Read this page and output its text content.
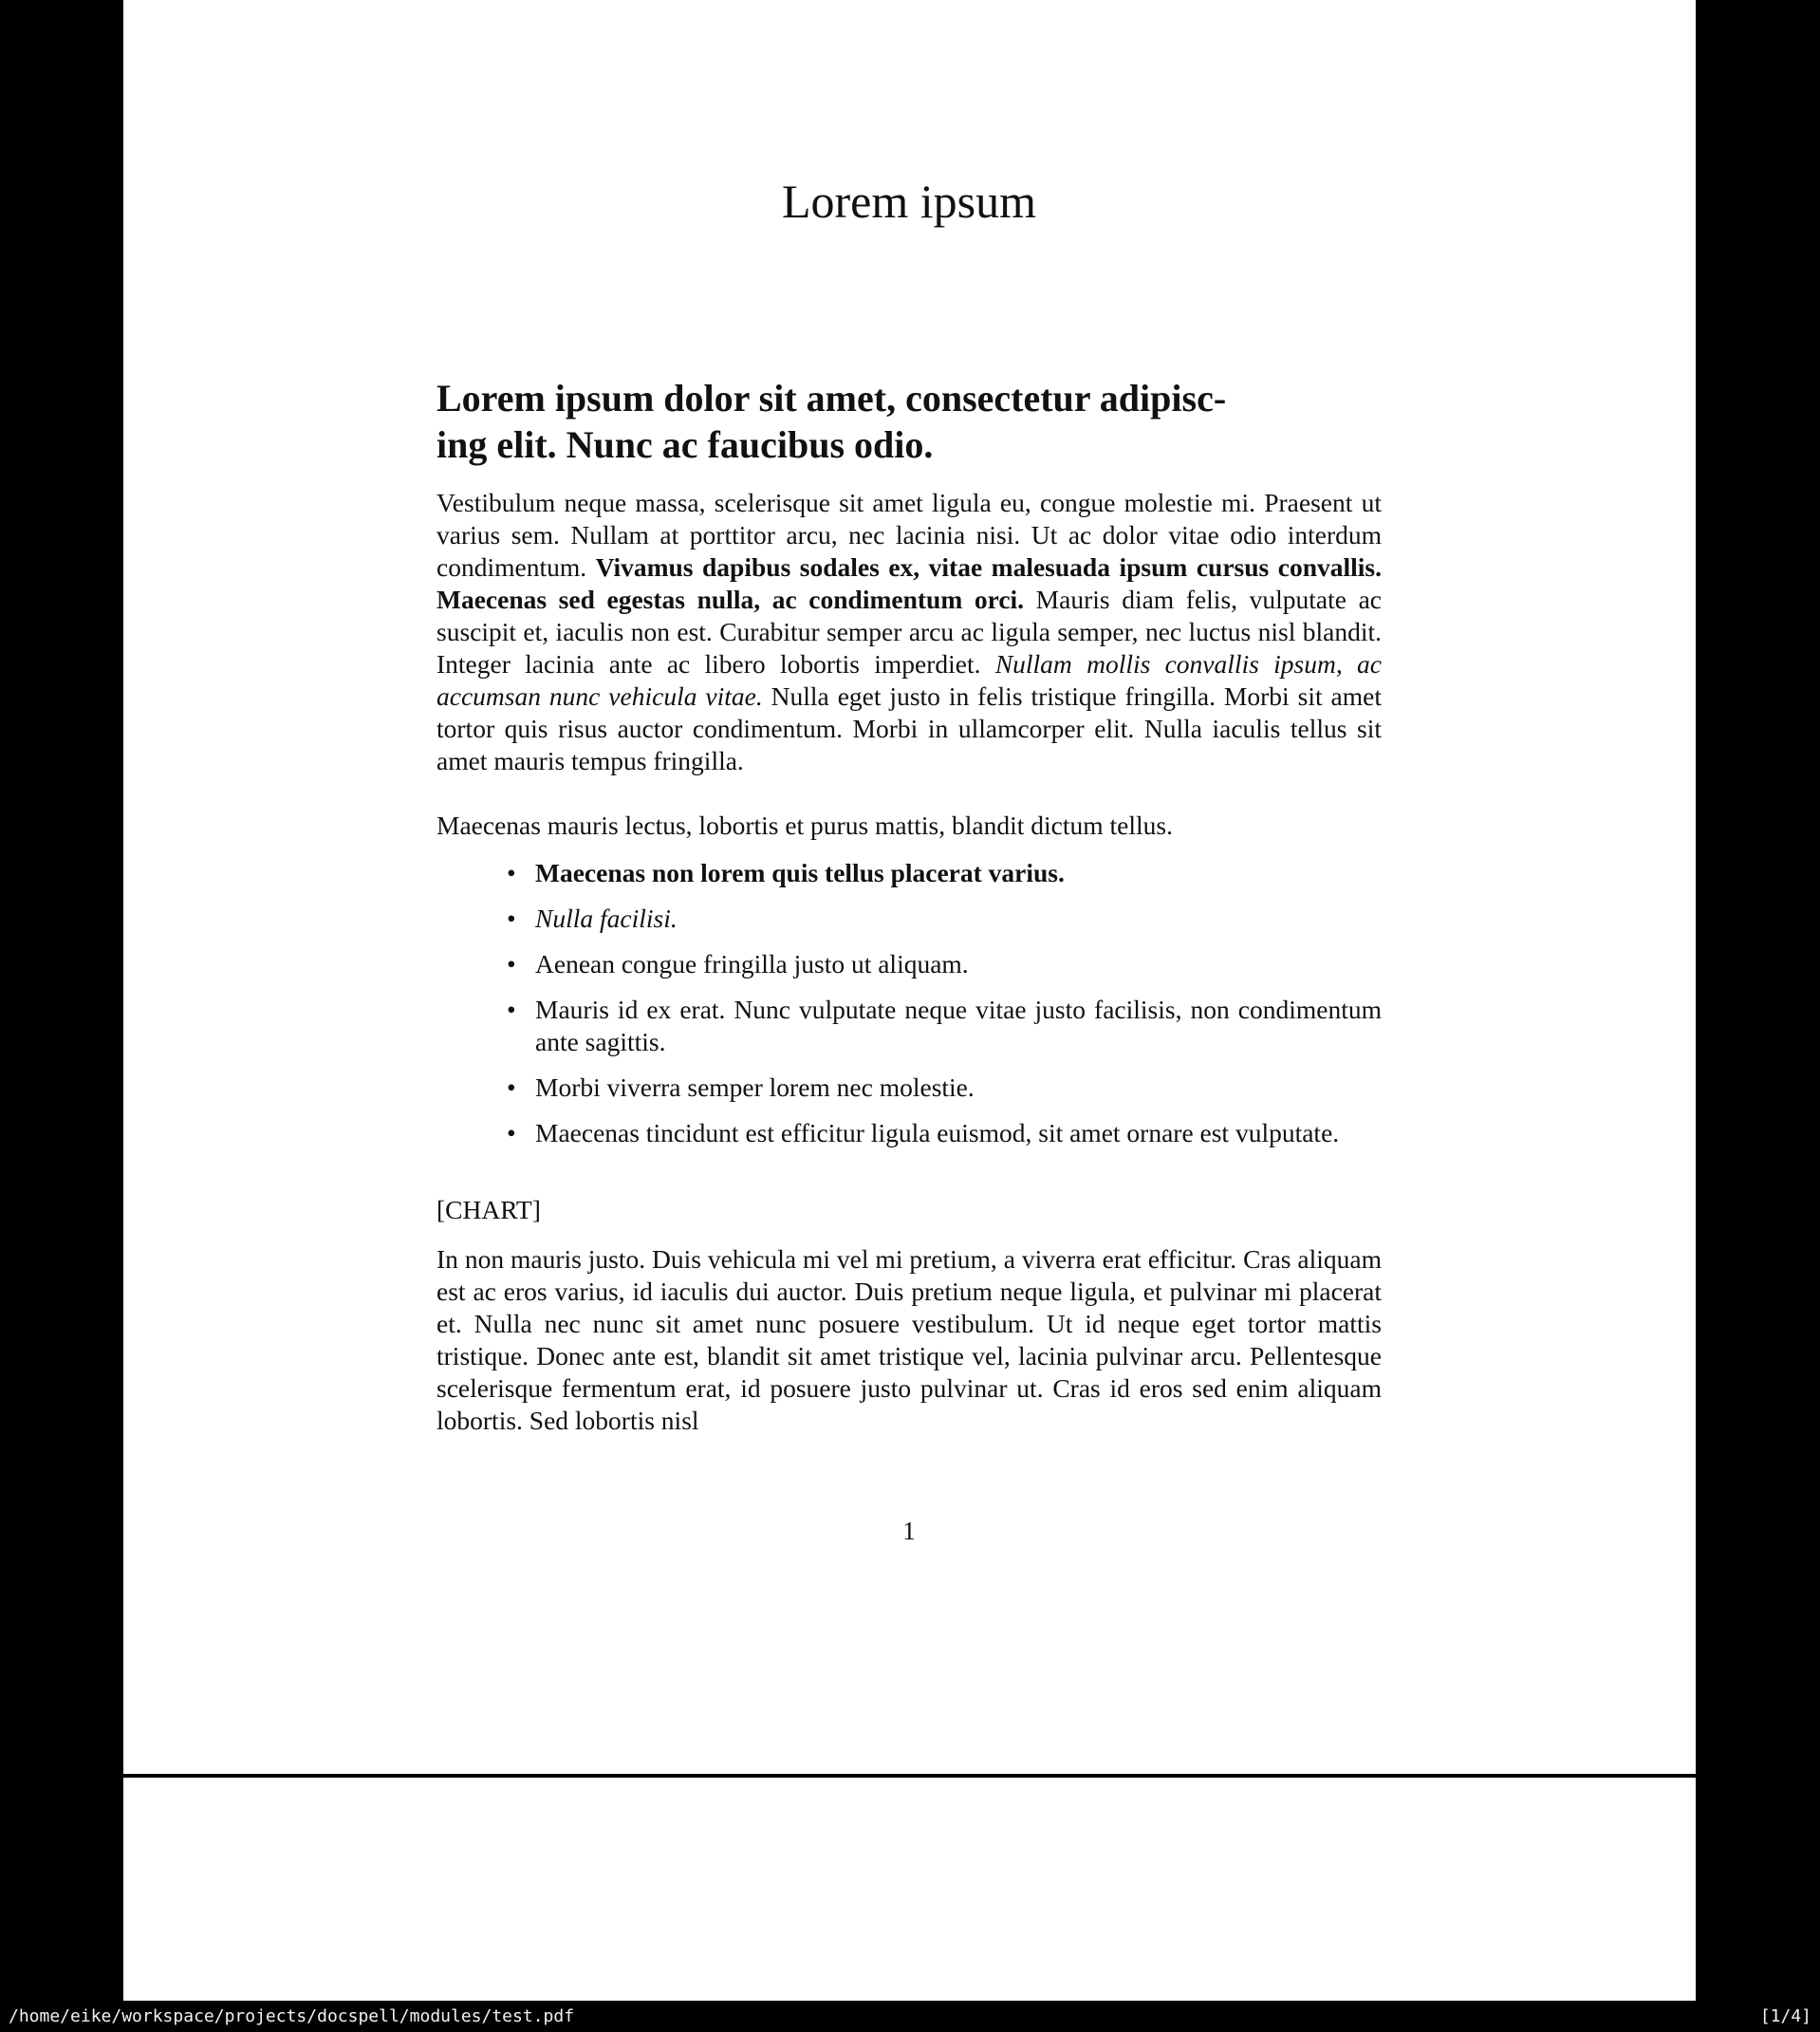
Lorem ipsum
Lorem ipsum dolor sit amet, consectetur adipisc-
ing elit. Nunc ac faucibus odio.
Vestibulum neque massa, scelerisque sit amet ligula eu, congue molestie mi. Praesent ut varius sem. Nullam at porttitor arcu, nec lacinia nisi. Ut ac dolor vitae odio interdum condimentum. Vivamus dapibus sodales ex, vitae malesuada ipsum cursus convallis. Maecenas sed egestas nulla, ac condimentum orci. Mauris diam felis, vulputate ac suscipit et, iaculis non est. Curabitur semper arcu ac ligula semper, nec luctus nisl blandit. Integer lacinia ante ac libero lobortis imperdiet. Nullam mollis convallis ipsum, ac accumsan nunc vehicula vitae. Nulla eget justo in felis tristique fringilla. Morbi sit amet tortor quis risus auctor condimentum. Morbi in ullamcorper elit. Nulla iaculis tellus sit amet mauris tempus fringilla.
Maecenas mauris lectus, lobortis et purus mattis, blandit dictum tellus.
• Maecenas non lorem quis tellus placerat varius.
• Nulla facilisi.
• Aenean congue fringilla justo ut aliquam.
• Mauris id ex erat. Nunc vulputate neque vitae justo facilisis, non condimentum ante sagittis.
• Morbi viverra semper lorem nec molestie.
• Maecenas tincidunt est efficitur ligula euismod, sit amet ornare est vulputate.
[CHART]
In non mauris justo. Duis vehicula mi vel mi pretium, a viverra erat efficitur. Cras aliquam est ac eros varius, id iaculis dui auctor. Duis pretium neque ligula, et pulvinar mi placerat et. Nulla nec nunc sit amet nunc posuere vestibulum. Ut id neque eget tortor mattis tristique. Donec ante est, blandit sit amet tristique vel, lacinia pulvinar arcu. Pellentesque scelerisque fermentum erat, id posuere justo pulvinar ut. Cras id eros sed enim aliquam lobortis. Sed lobortis nisl
1
/home/eike/workspace/projects/docspell/modules/test.pdf	[1/4]
